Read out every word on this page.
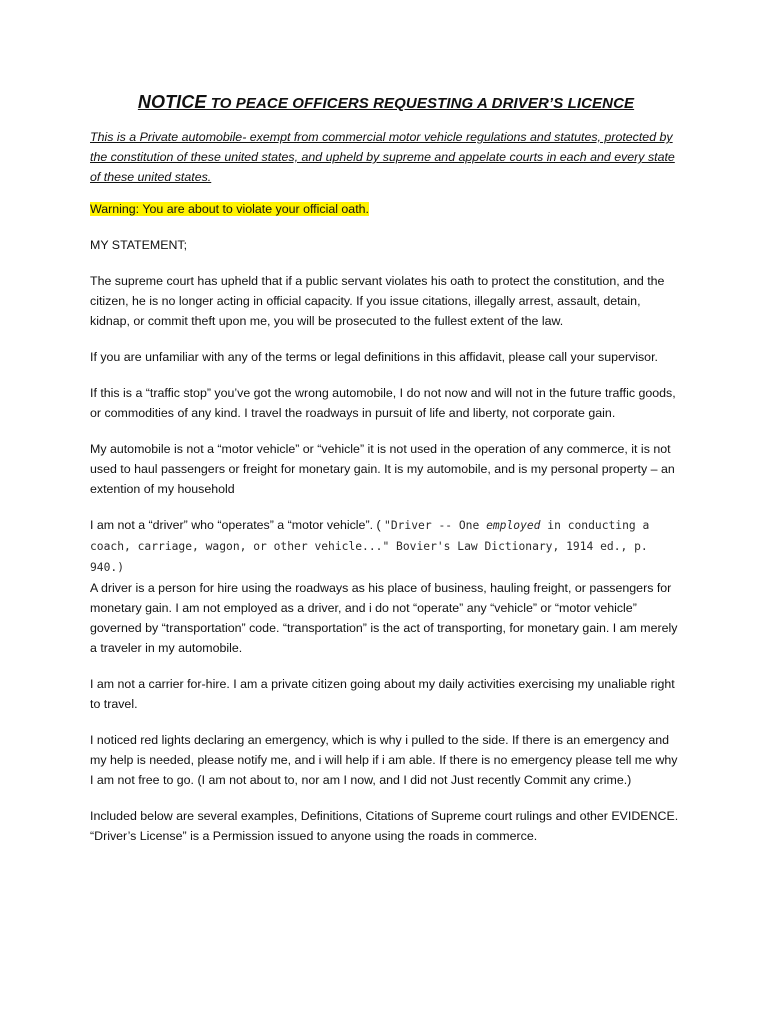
NOTICE TO PEACE OFFICERS REQUESTING A DRIVER’S LICENCE

This is a Private automobile- exempt from commercial motor vehicle regulations and statutes, protected by the constitution of these united states, and upheld by supreme and appelate courts in each and every state of these united states.

Warning: You are about to violate your official oath.

MY STATEMENT;

The supreme court has upheld that if a public servant violates his oath to protect the constitution, and the citizen, he is no longer acting in official capacity. If you issue citations, illegally arrest, assault, detain, kidnap, or commit theft upon me, you will be prosecuted to the fullest extent of the law.

If you are unfamiliar with any of the terms or legal definitions in this affidavit, please call your supervisor.

If this is a “traffic stop” you’ve got the wrong automobile, I do not now and will not in the future traffic goods, or commodities of any kind. I travel the roadways in pursuit of life and liberty, not corporate gain.

My automobile is not a “motor vehicle” or “vehicle” it is not used in the operation of any commerce, it is not used to haul passengers or freight for monetary gain. It is my automobile, and is my personal property – an extention of my household

I am not a “driver” who “operates” a “motor vehicle”. ( "Driver -- One employed in conducting a coach, carriage, wagon, or other vehicle..." Bovier's Law Dictionary, 1914 ed., p. 940.)

A driver is a person for hire using the roadways as his place of business, hauling freight, or passengers for monetary gain. I am not employed as a driver, and i do not “operate” any “vehicle” or “motor vehicle” governed by “transportation” code. “transportation” is the act of transporting, for monetary gain. I am merely a traveler in my automobile.

I am not a carrier for-hire. I am a private citizen going about my daily activities exercising my unaliable right to travel.

I noticed red lights declaring an emergency, which is why i pulled to the side. If there is an emergency and my help is needed, please notify me, and i will help if i am able. If there is no emergency please tell me why I am not free to go. (I am not about to, nor am I now, and I did not Just recently Commit any crime.)

Included below are several examples, Definitions, Citations of Supreme court rulings and other EVIDENCE. “Driver’s License” is a Permission issued to anyone using the roads in commerce.
